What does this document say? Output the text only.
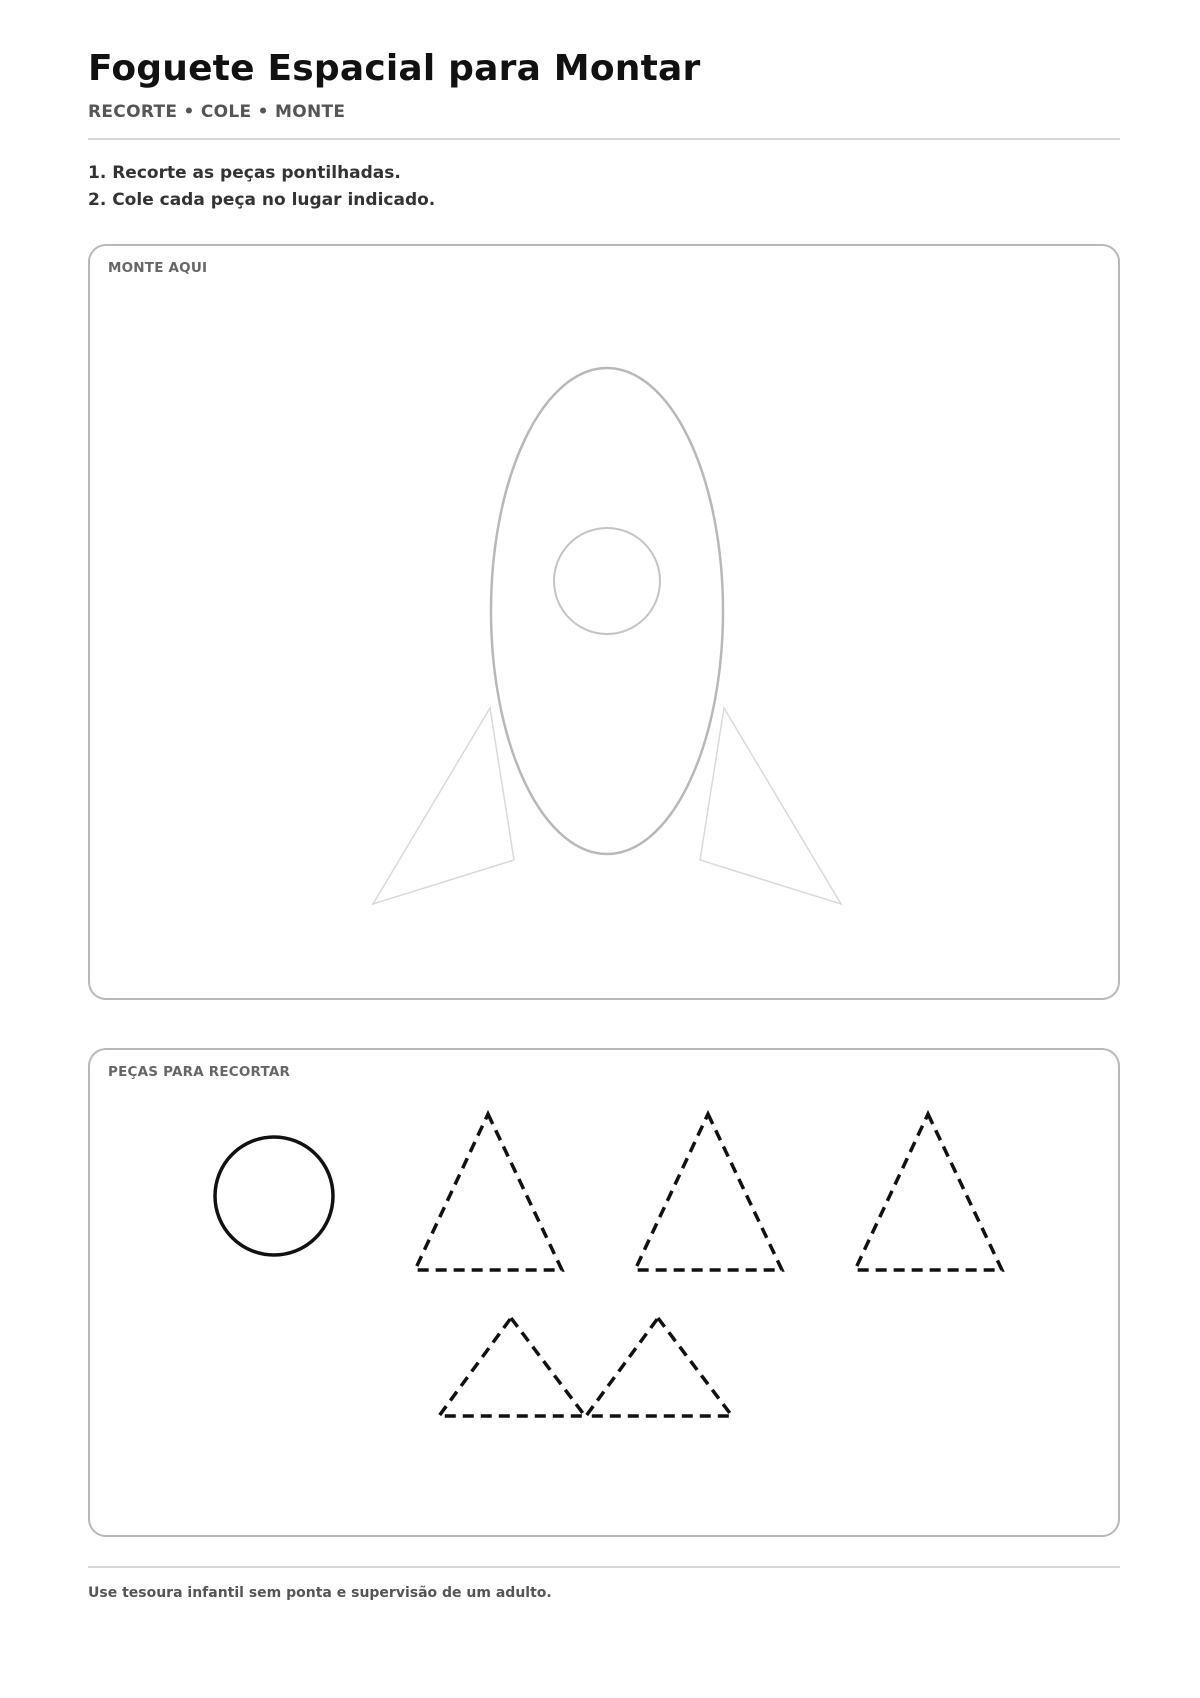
Foguete Espacial para Montar
RECORTE • COLE • MONTE
1. Recorte as peças pontilhadas.
2. Cole cada peça no lugar indicado.
MONTE AQUI
PEÇAS PARA RECORTAR
Use tesoura infantil sem ponta e supervisão de um adulto.
